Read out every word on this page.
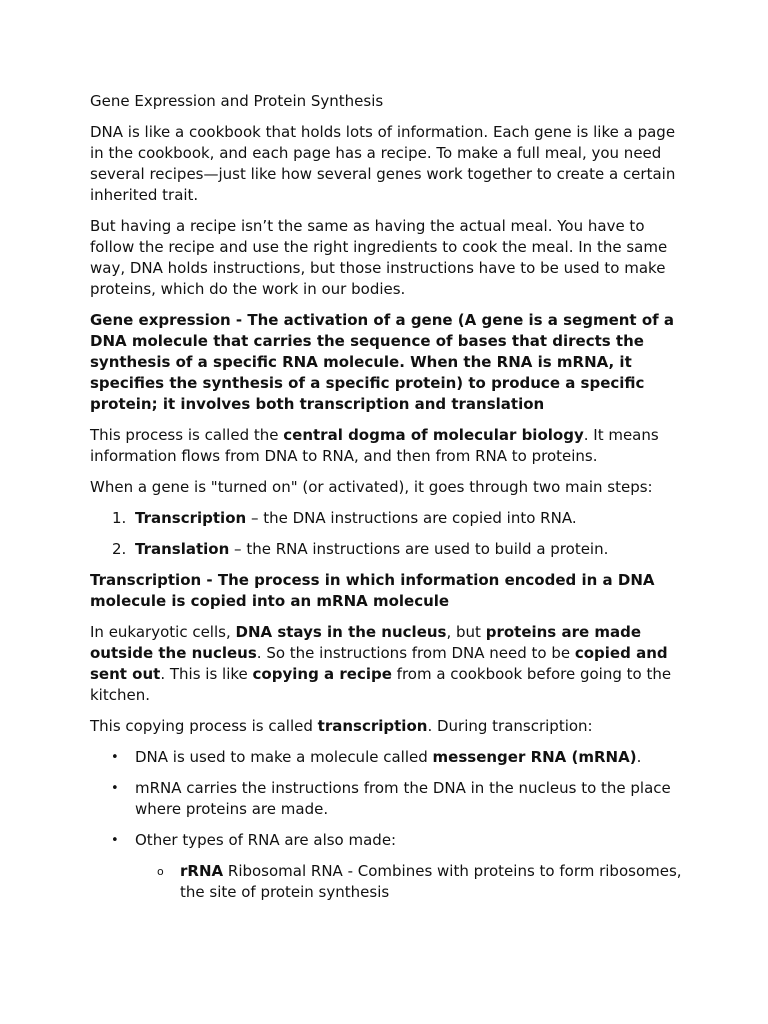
Gene Expression and Protein Synthesis

DNA is like a cookbook that holds lots of information. Each gene is like a page in the cookbook, and each page has a recipe. To make a full meal, you need several recipes—just like how several genes work together to create a certain inherited trait.

But having a recipe isn’t the same as having the actual meal. You have to follow the recipe and use the right ingredients to cook the meal. In the same way, DNA holds instructions, but those instructions have to be used to make proteins, which do the work in our bodies.

Gene expression - The activation of a gene (A gene is a segment of a DNA molecule that carries the sequence of bases that directs the synthesis of a specific RNA molecule. When the RNA is mRNA, it specifies the synthesis of a specific protein) to produce a specific protein; it involves both transcription and translation

This process is called the central dogma of molecular biology. It means information flows from DNA to RNA, and then from RNA to proteins.

When a gene is "turned on" (or activated), it goes through two main steps:

1. Transcription – the DNA instructions are copied into RNA.
2. Translation – the RNA instructions are used to build a protein.

Transcription - The process in which information encoded in a DNA molecule is copied into an mRNA molecule

In eukaryotic cells, DNA stays in the nucleus, but proteins are made outside the nucleus. So the instructions from DNA need to be copied and sent out. This is like copying a recipe from a cookbook before going to the kitchen.

This copying process is called transcription. During transcription:

• DNA is used to make a molecule called messenger RNA (mRNA).
• mRNA carries the instructions from the DNA in the nucleus to the place where proteins are made.
• Other types of RNA are also made:
o rRNA Ribosomal RNA - Combines with proteins to form ribosomes, the site of protein synthesis
